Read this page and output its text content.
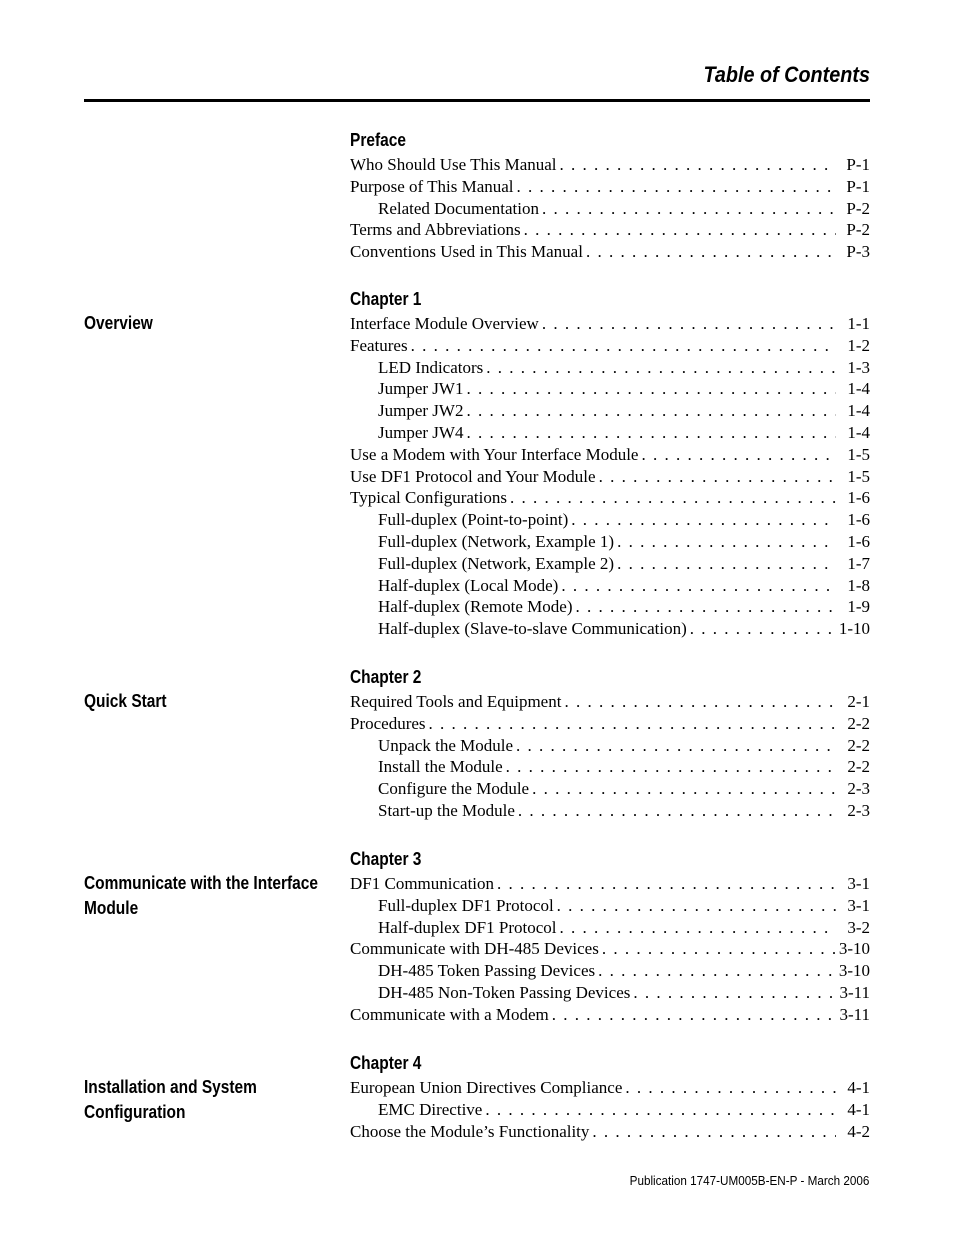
Table of Contents
Preface
Who Should Use This Manual . . .	P-1
Purpose of This Manual . . .	P-1
Related Documentation . . .	P-2
Terms and Abbreviations . . .	P-2
Conventions Used in This Manual . . .	P-3
Chapter 1
Overview	Interface Module Overview . . .	1-1
Features . . .	1-2
LED Indicators . . .	1-3
Jumper JW1 . . .	1-4
Jumper JW2 . . .	1-4
Jumper JW4 . . .	1-4
Use a Modem with Your Interface Module . . .	1-5
Use DF1 Protocol and Your Module . . .	1-5
Typical Configurations . . .	1-6
Full-duplex (Point-to-point) . . .	1-6
Full-duplex (Network, Example 1) . . .	1-6
Full-duplex (Network, Example 2) . . .	1-7
Half-duplex (Local Mode) . . .	1-8
Half-duplex (Remote Mode) . . .	1-9
Half-duplex (Slave-to-slave Communication) . . .	1-10
Chapter 2
Quick Start	Required Tools and Equipment . . .	2-1
Procedures . . .	2-2
Unpack the Module . . .	2-2
Install the Module . . .	2-2
Configure the Module . . .	2-3
Start-up the Module . . .	2-3
Chapter 3
Communicate with the Interface Module
DF1 Communication . . .	3-1
Full-duplex DF1 Protocol . . .	3-1
Half-duplex DF1 Protocol . . .	3-2
Communicate with DH-485 Devices . . .	3-10
DH-485 Token Passing Devices . . .	3-10
DH-485 Non-Token Passing Devices . . .	3-11
Communicate with a Modem . . .	3-11
Chapter 4
Installation and System Configuration
European Union Directives Compliance . . .	4-1
EMC Directive . . .	4-1
Choose the Module’s Functionality . . .	4-2
Publication 1747-UM005B-EN-P - March 2006
